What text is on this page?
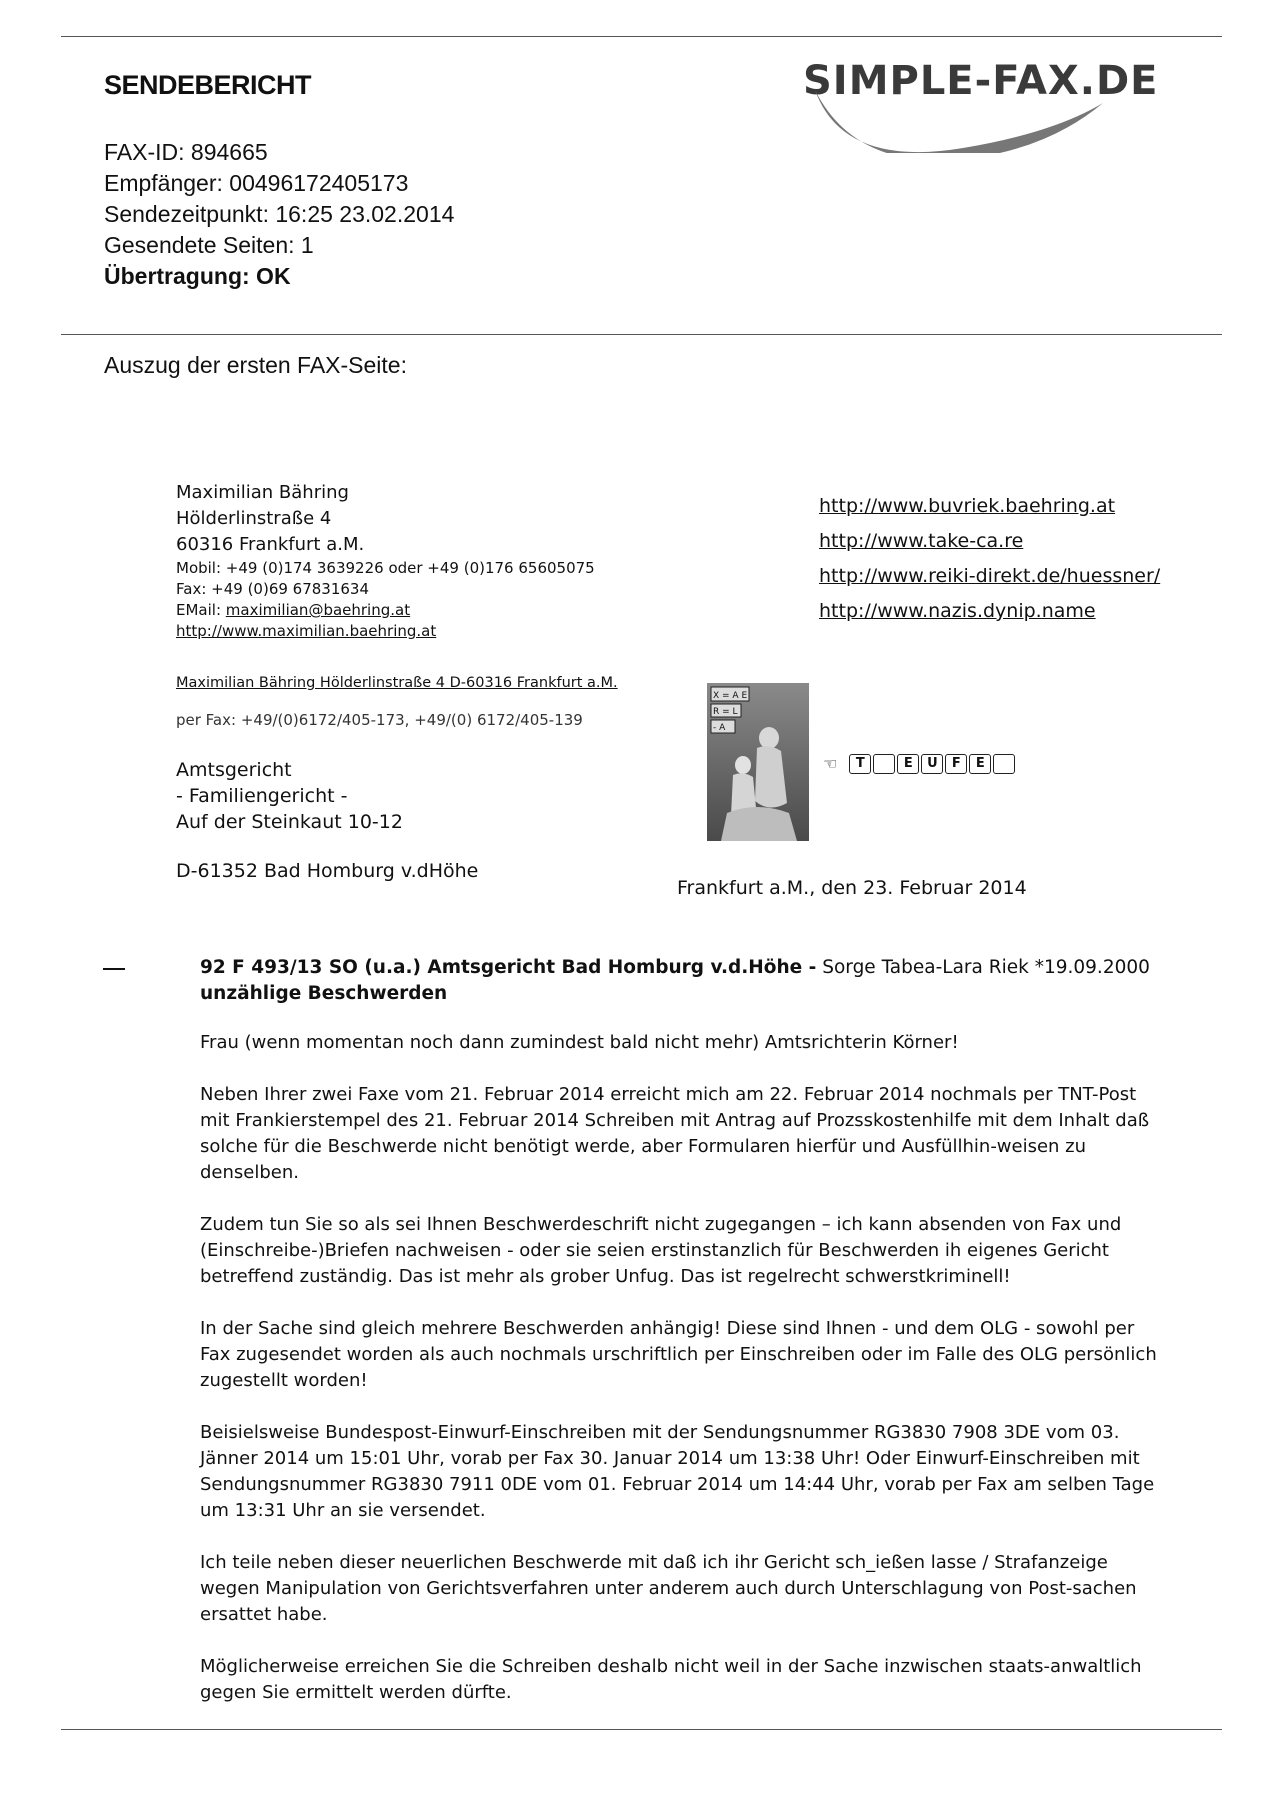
SENDEBERICHT
FAX-ID: 894665
Empfänger: 00496172405173
Sendezeitpunkt: 16:25 23.02.2014
Gesendete Seiten: 1
Übertragung: OK
SIMPLE-FAX.DE
Auszug der ersten FAX-Seite:
Maximilian Bähring
Hölderlinstraße 4
60316 Frankfurt a.M.
Mobil: +49 (0)174 3639226 oder +49 (0)176 65605075
Fax: +49 (0)69 67831634
EMail: maximilian@baehring.at
http://www.maximilian.baehring.at
http://www.buvriek.baehring.at
http://www.take-ca.re
http://www.reiki-direkt.de/huessner/
http://www.nazis.dynip.name
Maximilian Bähring Hölderlinstraße 4 D-60316 Frankfurt a.M.
per Fax: +49/(0)6172/405-173, +49/(0) 6172/405-139
Amtsgericht
- Familiengericht -
Auf der Steinkaut 10-12
D-61352 Bad Homburg v.dHöhe
X = A E
R = L
- A
☜ T	E U F E
Frankfurt a.M., den 23. Februar 2014
92 F 493/13 SO (u.a.) Amtsgericht Bad Homburg v.d.Höhe - Sorge Tabea-Lara Riek *19.09.2000
unzählige Beschwerden

Frau (wenn momentan noch dann zumindest bald nicht mehr) Amtsrichterin Körner!

Neben Ihrer zwei Faxe vom 21. Februar 2014 erreicht mich am 22. Februar 2014 nochmals per TNT-Post mit Frankierstempel des 21. Februar 2014 Schreiben mit Antrag auf Prozsskostenhilfe mit dem Inhalt daß solche für die Beschwerde nicht benötigt werde, aber Formularen hierfür und Ausfüllhin-weisen zu denselben.

Zudem tun Sie so als sei Ihnen Beschwerdeschrift nicht zugegangen – ich kann absenden von Fax und (Einschreibe-)Briefen nachweisen - oder sie seien erstinstanzlich für Beschwerden ih eigenes Gericht betreffend zuständig. Das ist mehr als grober Unfug. Das ist regelrecht schwerstkriminell!

In der Sache sind gleich mehrere Beschwerden anhängig! Diese sind Ihnen - und dem OLG - sowohl per Fax zugesendet worden als auch nochmals urschriftlich per Einschreiben oder im Falle des OLG persönlich zugestellt worden!

Beisielsweise Bundespost-Einwurf-Einschreiben mit der Sendungsnummer RG3830 7908 3DE vom 03. Jänner 2014 um 15:01 Uhr, vorab per Fax 30. Januar 2014 um 13:38 Uhr! Oder Einwurf-Einschreiben mit Sendungsnummer RG3830 7911 0DE vom 01. Februar 2014 um 14:44 Uhr, vorab per Fax am selben Tage um 13:31 Uhr an sie versendet.

Ich teile neben dieser neuerlichen Beschwerde mit daß ich ihr Gericht sch_ießen lasse / Strafanzeige wegen Manipulation von Gerichtsverfahren unter anderem auch durch Unterschlagung von Post-sachen ersattet habe.

Möglicherweise erreichen Sie die Schreiben deshalb nicht weil in der Sache inzwischen staats-anwaltlich gegen Sie ermittelt werden dürfte.
